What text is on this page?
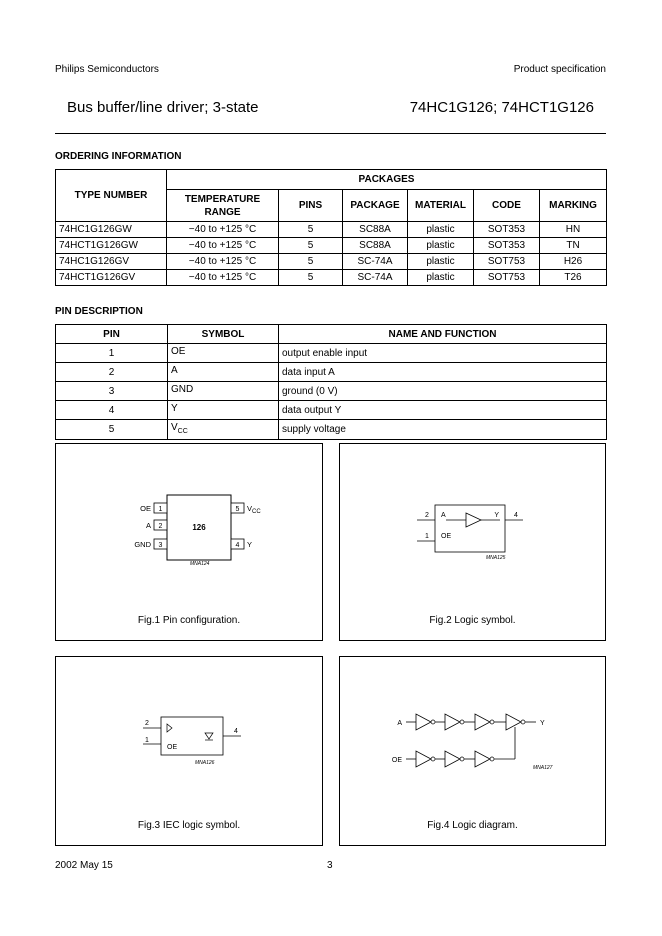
Philips Semiconductors	Product specification
Bus buffer/line driver; 3-state	74HC1G126; 74HCT1G126
ORDERING INFORMATION
TYPE NUMBER	PACKAGES					
	TEMPERATURE RANGE	PINS	PACKAGE	MATERIAL	CODE	MARKING
74HC1G126GW	−40 to +125 °C	5	SC88A	plastic	SOT353	HN
74HCT1G126GW	−40 to +125 °C	5	SC88A	plastic	SOT353	TN
74HC1G126GV	−40 to +125 °C	5	SC-74A	plastic	SOT753	H26
74HCT1G126GV	−40 to +125 °C	5	SC-74A	plastic	SOT753	T26
PIN DESCRIPTION
PIN	SYMBOL	NAME AND FUNCTION
1	OE	output enable input
2	A	data input A
3	GND	ground (0 V)
4	Y	data output Y
5	$V_{CC}$	supply voltage
126
1
2
3
5
4
OE
A
GND
$V_{CC}$
Y
MNA124
Fig.1 Pin configuration.
2
1
4
A
OE
Y
MNA125
Fig.2 Logic symbol.
2
1
4
OE
MNA126
Fig.3 IEC logic symbol.
A
OE
Y
MNA127
Fig.4 Logic diagram.
2002 May 15	3
